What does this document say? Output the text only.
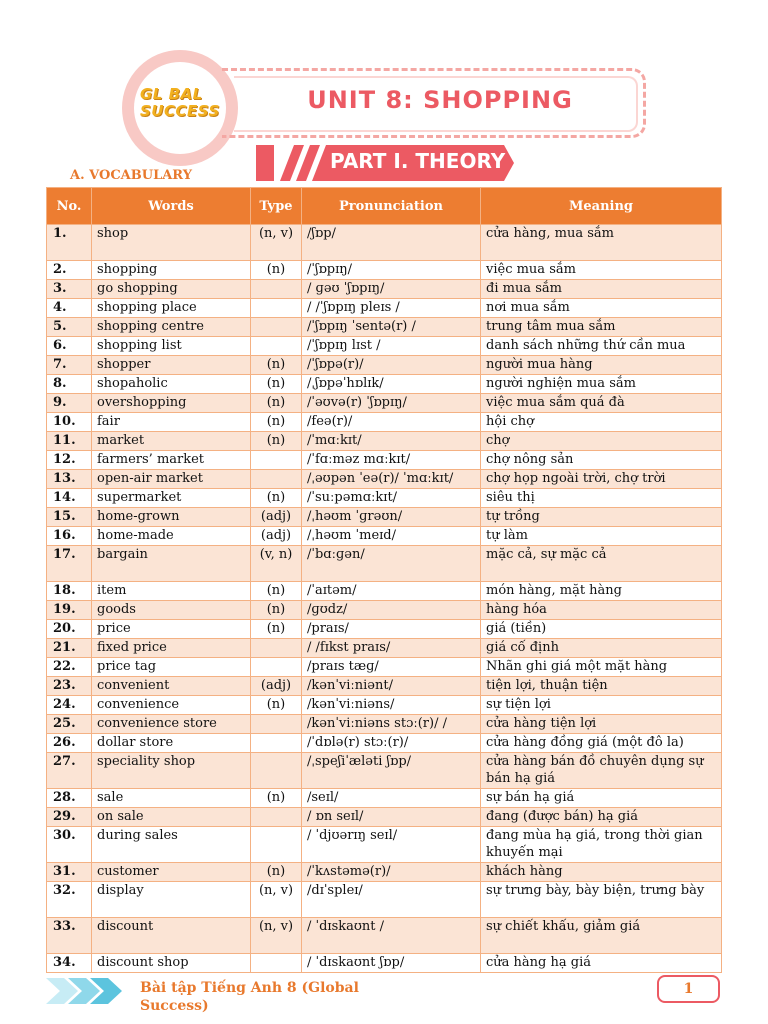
GL BAL
SUCCESS	UNIT 8: SHOPPING
PART I. THEORY
A. VOCABULARY
No.	Words	Type	Pronunciation	Meaning
1.	shop	(n, v)	/ʃɒp/	cửa hàng, mua sắm
2.	shopping	(n)	/ˈʃɒpɪŋ/	việc mua sắm
3.	go shopping		/ ɡəʊ ˈʃɒpɪŋ/	đi mua sắm
4.	shopping place		/ /ˈʃɒpɪŋ pleɪs /	nơi mua sắm
5.	shopping centre		/ˈʃɒpɪŋ ˈsentə(r) /	trung tâm mua sắm
6.	shopping list		/ˈʃɒpɪŋ lɪst /	danh sách những thứ cần mua
7.	shopper	(n)	/ˈʃɒpə(r)/	người mua hàng
8.	shopaholic	(n)	/ˌʃɒpəˈhɒlɪk/	người nghiện mua sắm
9.	overshopping	(n)	/ˈəʊvə(r) ˈʃɒpɪŋ/	việc mua sắm quá đà
10.	fair	(n)	/feə(r)/	hội chợ
11.	market	(n)	/ˈmɑːkɪt/	chợ
12.	farmers’ market		/ˈfɑːməz mɑːkɪt/	chợ nông sản
13.	open-air market		/ˌəʊpən ˈeə(r)/ ˈmɑːkɪt/	chợ họp ngoài trời, chợ trời
14.	supermarket	(n)	/ˈsuːpəmɑːkɪt/	siêu thị
15.	home-grown	(adj)	/ˌhəʊm ˈɡrəʊn/	tự trồng
16.	home-made	(adj)	/ˌhəʊm ˈmeɪd/	tự làm
17.	bargain	(v, n)	/ˈbɑːɡən/	mặc cả, sự mặc cả
18.	item	(n)	/ˈaɪtəm/	món hàng, mặt hàng
19.	goods	(n)	/ɡʊdz/	hàng hóa
20.	price	(n)	/praɪs/	giá (tiền)
21.	fixed price		/ /fɪkst praɪs/	giá cố định
22.	price tag		/praɪs tæɡ/	Nhãn ghi giá một mặt hàng
23.	convenient	(adj)	/kənˈviːniənt/	tiện lợi, thuận tiện
24.	convenience	(n)	/kənˈviːniəns/	sự tiện lợi
25.	convenience store		/kənˈviːniəns stɔː(r)/ /	cửa hàng tiện lợi
26.	dollar store		/ˈdɒlə(r) stɔː(r)/	cửa hàng đồng giá (một đô la)
27.	speciality shop		/ˌspeʃiˈæləti ʃɒp/	cửa hàng bán đồ chuyên dụng sự bán hạ giá
28.	sale	(n)	/seɪl/	sự bán hạ giá
29.	on sale		/ ɒn seɪl/	đang (được bán) hạ giá
30.	during sales		/ ˈdjʊərɪŋ seɪl/	đang mùa hạ giá, trong thời gian khuyến mại
31.	customer	(n)	/ˈkʌstəmə(r)/	khách hàng
32.	display	(n, v)	/dɪˈspleɪ/	sự trưng bày, bày biện, trưng bày
33.	discount	(n, v)	/ ˈdɪskaʊnt /	sự chiết khấu, giảm giá
34.	discount shop		/ ˈdɪskaʊnt ʃɒp/	cửa hàng hạ giá
Bài tập Tiếng Anh 8 (Global Success)
1
